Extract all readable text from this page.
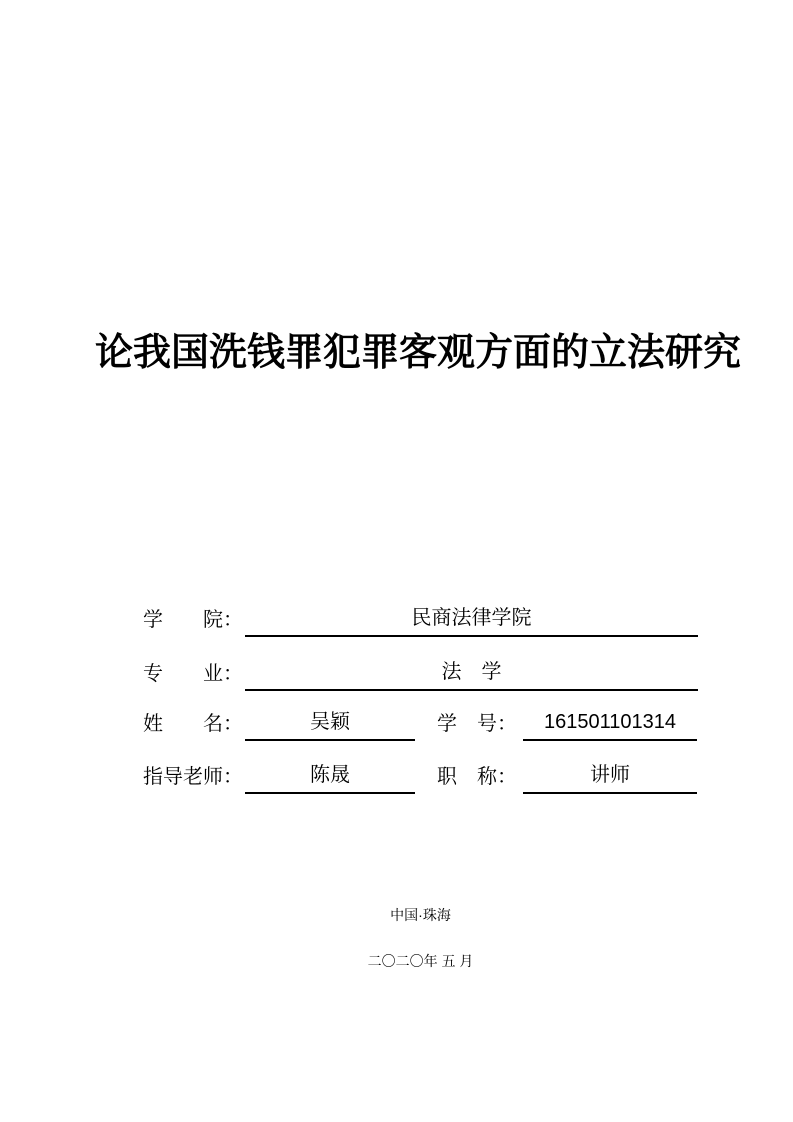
论我国洗钱罪犯罪客观方面的立法研究
学　　院：	民商法律学院
专　　业：	法　学
姓　　名：	吴颖	学　号：	161501101314
指导老师：	陈晟	职　称：	讲师
中国·珠海
二〇二〇年 五 月
